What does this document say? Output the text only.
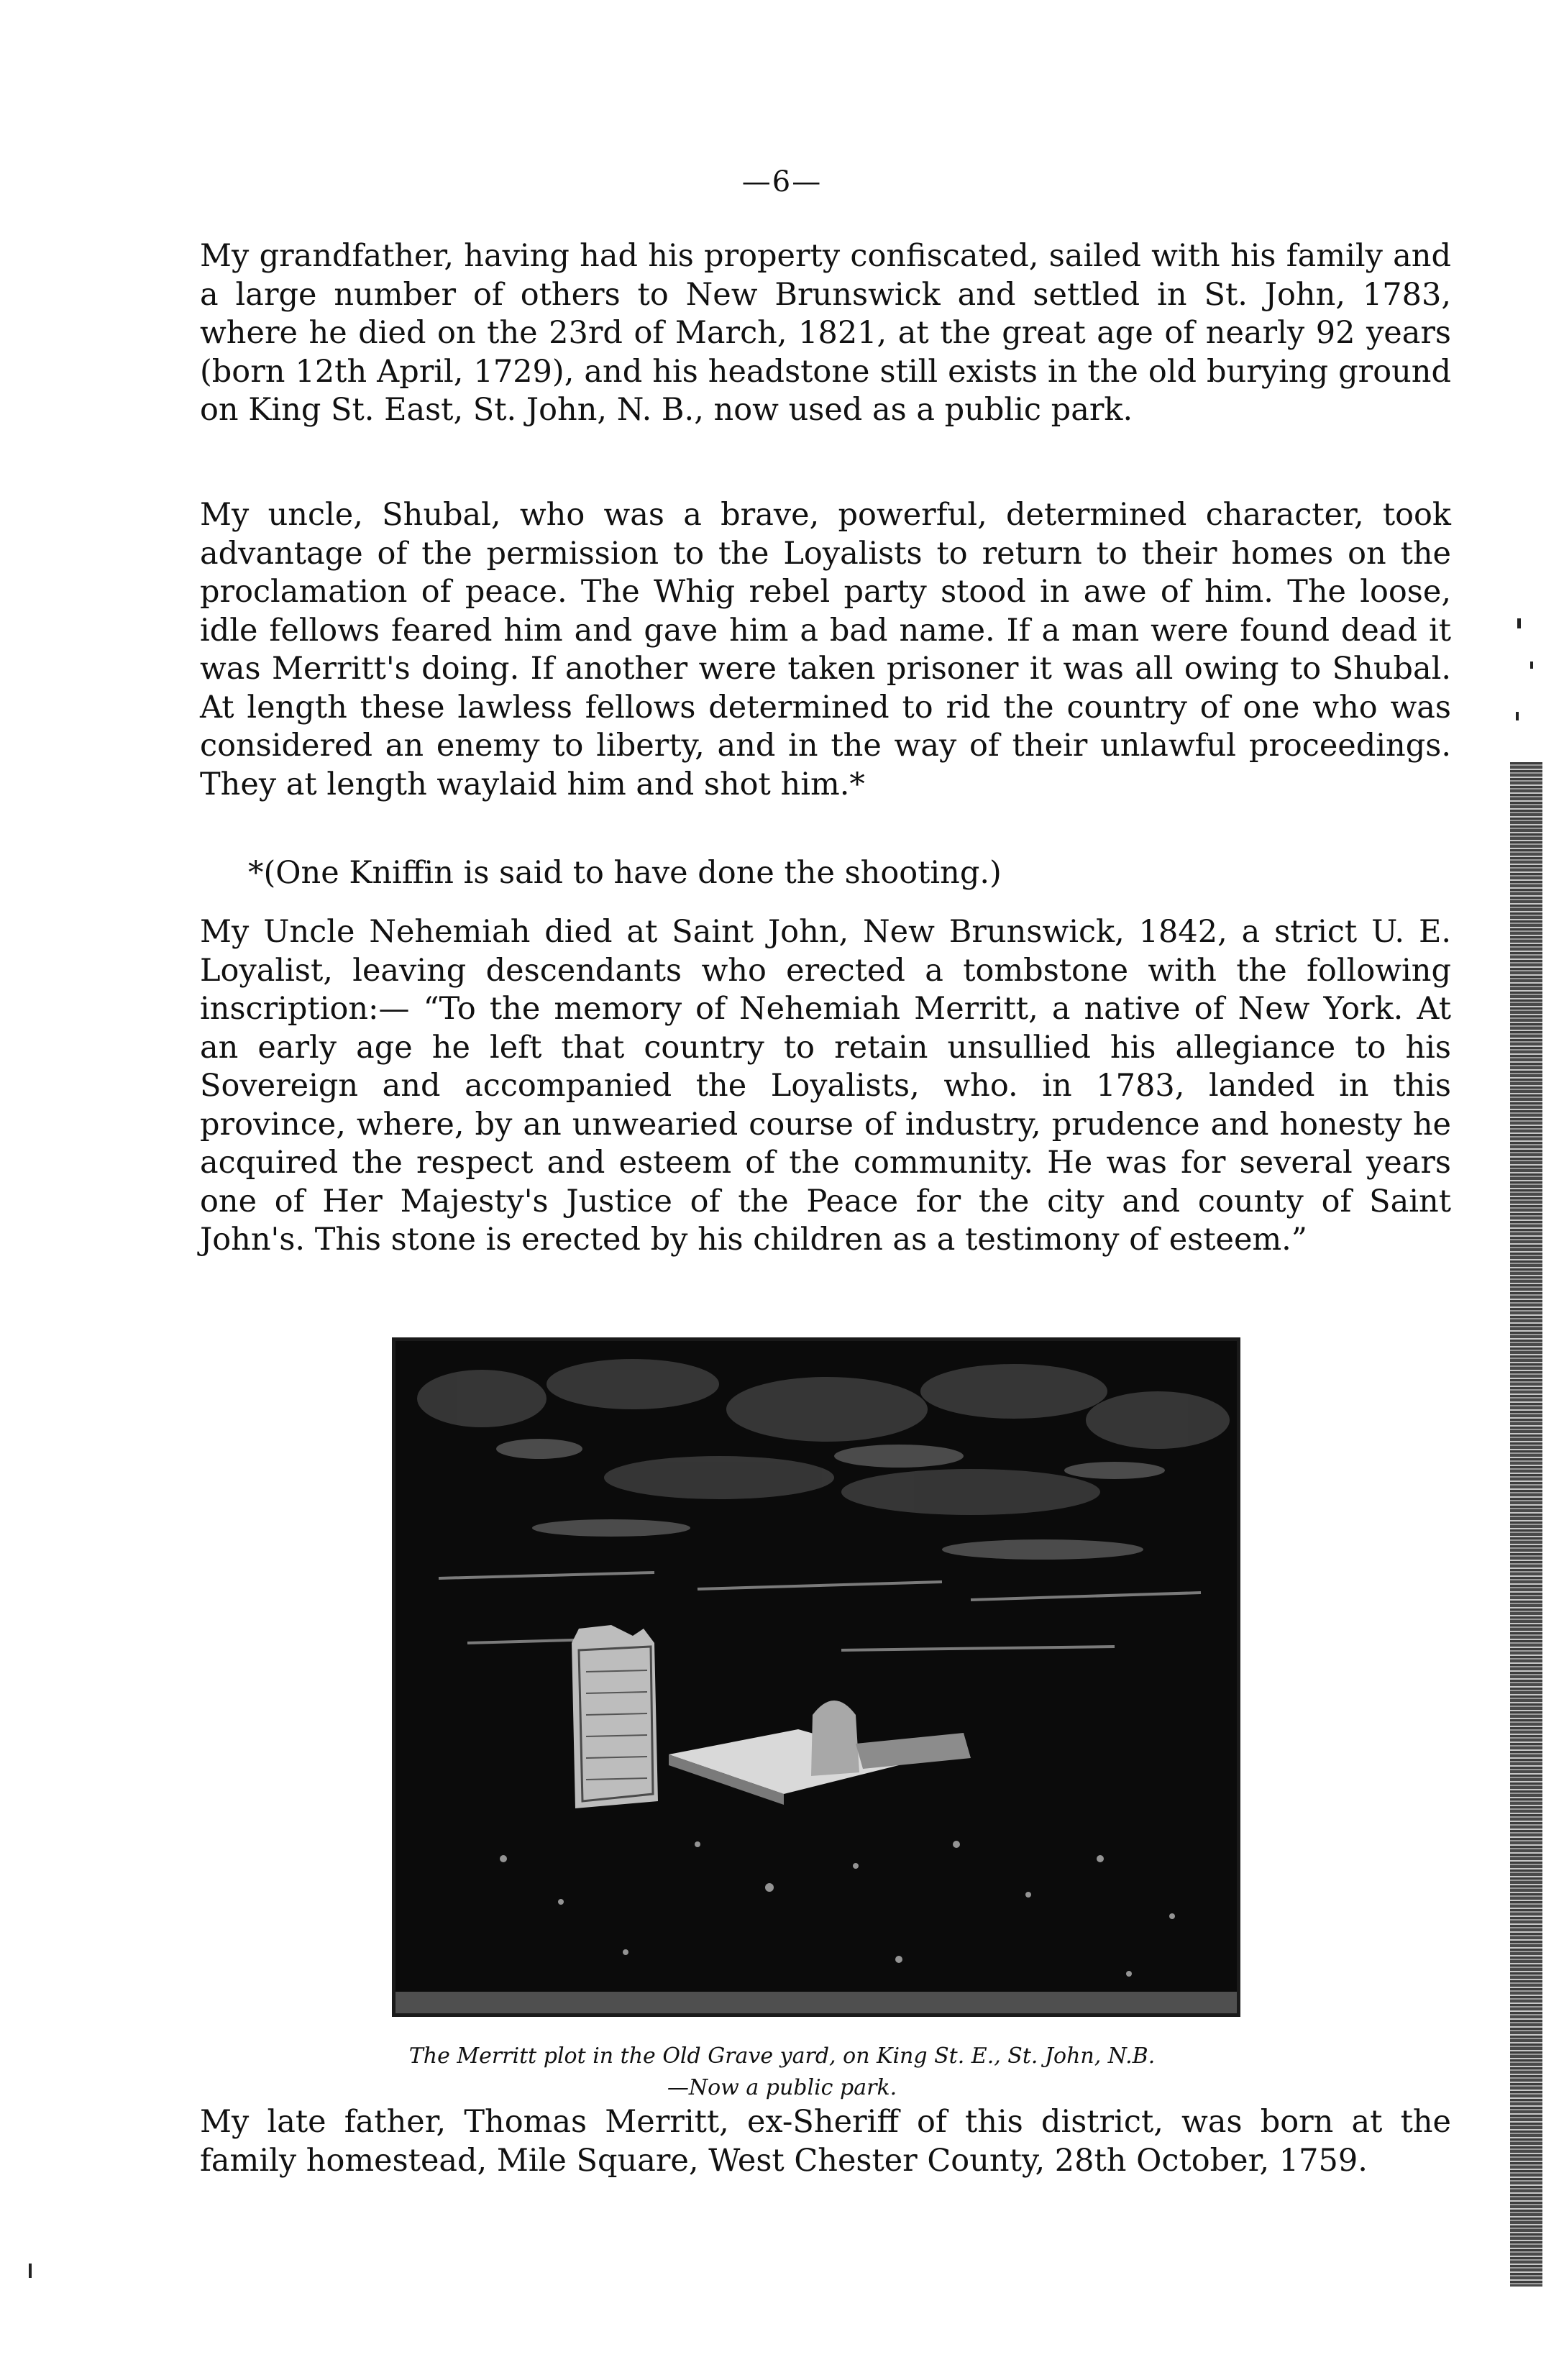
—6—

My grandfather, having had his property confiscated, sailed with his family and a large number of others to New Brunswick and settled in St. John, 1783, where he died on the 23rd of March, 1821, at the great age of nearly 92 years (born 12th April, 1729), and his headstone still exists in the old burying ground on King St. East, St. John, N. B., now used as a public park.

My uncle, Shubal, who was a brave, powerful, determined character, took advantage of the permission to the Loyalists to return to their homes on the proclamation of peace. The Whig rebel party stood in awe of him. The loose, idle fellows feared him and gave him a bad name. If a man were found dead it was Merritt's doing. If another were taken prisoner it was all owing to Shubal. At length these lawless fellows determined to rid the country of one who was considered an enemy to liberty, and in the way of their unlawful proceedings. They at length waylaid him and shot him.*

*(One Kniffin is said to have done the shooting.)

My Uncle Nehemiah died at Saint John, New Brunswick, 1842, a strict U. E. Loyalist, leaving descendants who erected a tombstone with the following inscription:— “To the memory of Nehemiah Merritt, a native of New York. At an early age he left that country to retain unsullied his allegiance to his Sovereign and accompanied the Loyalists, who. in 1783, landed in this province, where, by an unwearied course of industry, prudence and honesty he acquired the respect and esteem of the community. He was for several years one of Her Majesty's Justice of the Peace for the city and county of Saint John's. This stone is erected by his children as a testimony of esteem.”

The Merritt plot in the Old Grave yard, on King St. E., St. John, N.B.
—Now a public park.

My late father, Thomas Merritt, ex-Sheriff of this district, was born at the family homestead, Mile Square, West Chester County, 28th October, 1759.
